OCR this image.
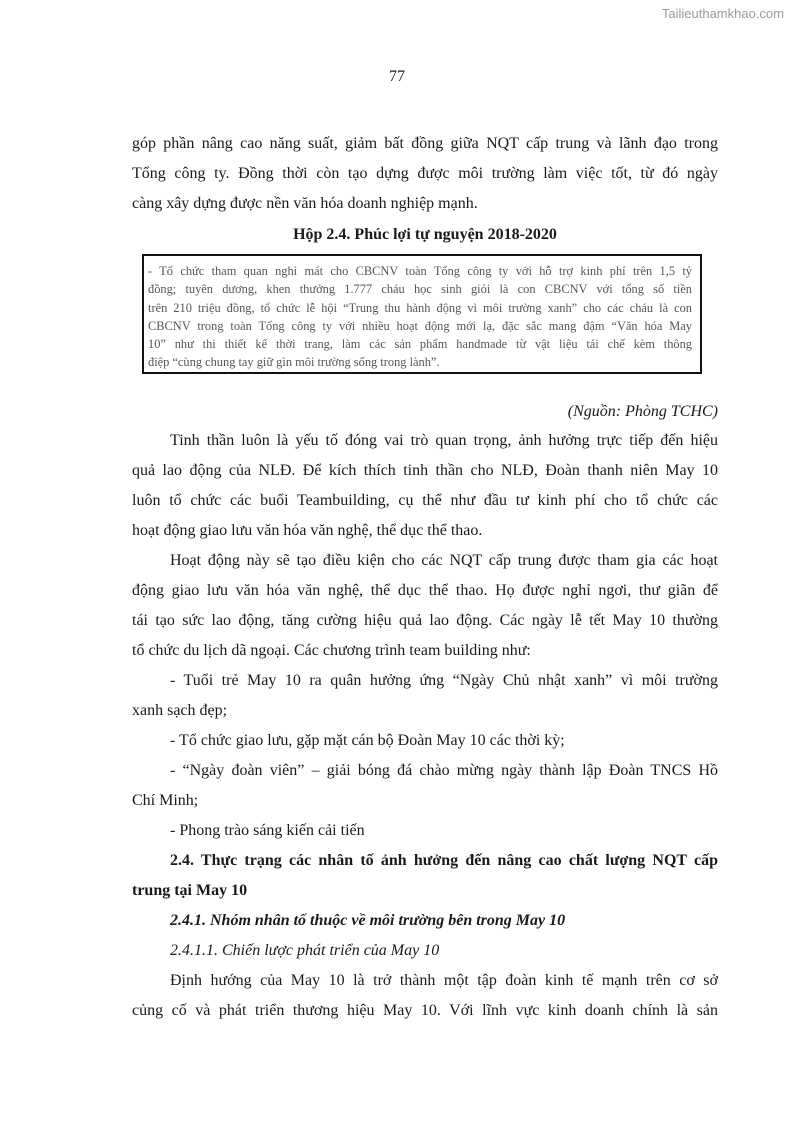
Tailieuthamkhao.com
77
góp phần nâng cao năng suất, giảm bất đồng giữa NQT cấp trung và lãnh đạo trong
Tổng công ty. Đồng thời còn tạo dựng được môi trường làm việc tốt, từ đó ngày
càng xây dựng được nền văn hóa doanh nghiệp mạnh.
Hộp 2.4. Phúc lợi tự nguyện 2018-2020
- Tổ chức tham quan nghỉ mát cho CBCNV toàn Tổng công ty với hỗ trợ kinh phí trên 1,5 tỷ
đồng; tuyên dương, khen thưởng 1.777 cháu học sinh giỏi là con CBCNV với tổng số tiền
trên 210 triệu đồng, tổ chức lễ hội “Trung thu hành động vì môi trường xanh” cho các cháu là con
CBCNV trong toàn Tổng công ty với nhiều hoạt động mới lạ, đặc sắc mang đậm “Văn hóa May
10” như thi thiết kế thời trang, làm các sản phẩm handmade từ vật liệu tái chế kèm thông
điệp “cùng chung tay giữ gìn môi trường sống trong lành”.
(Nguồn: Phòng TCHC)
Tinh thần luôn là yếu tố đóng vai trò quan trọng, ảnh hưởng trực tiếp đến hiệu
quả lao động của NLĐ. Để kích thích tinh thần cho NLĐ, Đoàn thanh niên May 10
luôn tổ chức các buổi Teambuilding, cụ thể như đầu tư kinh phí cho tổ chức các
hoạt động giao lưu văn hóa văn nghệ, thể dục thể thao.
Hoạt động này sẽ tạo điều kiện cho các NQT cấp trung được tham gia các hoạt
động giao lưu văn hóa văn nghệ, thể dục thể thao. Họ được nghỉ ngơi, thư giãn để
tái tạo sức lao động, tăng cường hiệu quả lao động. Các ngày lễ tết May 10 thường
tổ chức du lịch dã ngoại. Các chương trình team building như:
- Tuổi trẻ May 10 ra quân hưởng ứng “Ngày Chủ nhật xanh” vì môi trường
xanh sạch đẹp;
- Tổ chức giao lưu, gặp mặt cán bộ Đoàn May 10 các thời kỳ;
- “Ngày đoàn viên” – giải bóng đá chào mừng ngày thành lập Đoàn TNCS Hồ
Chí Minh;
- Phong trào sáng kiến cải tiến
2.4. Thực trạng các nhân tố ảnh hưởng đến nâng cao chất lượng NQT cấp
trung tại May 10
2.4.1. Nhóm nhân tố thuộc về môi trường bên trong May 10
2.4.1.1. Chiến lược phát triển của May 10
Định hướng của May 10 là trở thành một tập đoàn kinh tế mạnh trên cơ sở
củng cố và phát triển thương hiệu May 10. Với lĩnh vực kinh doanh chính là sản
